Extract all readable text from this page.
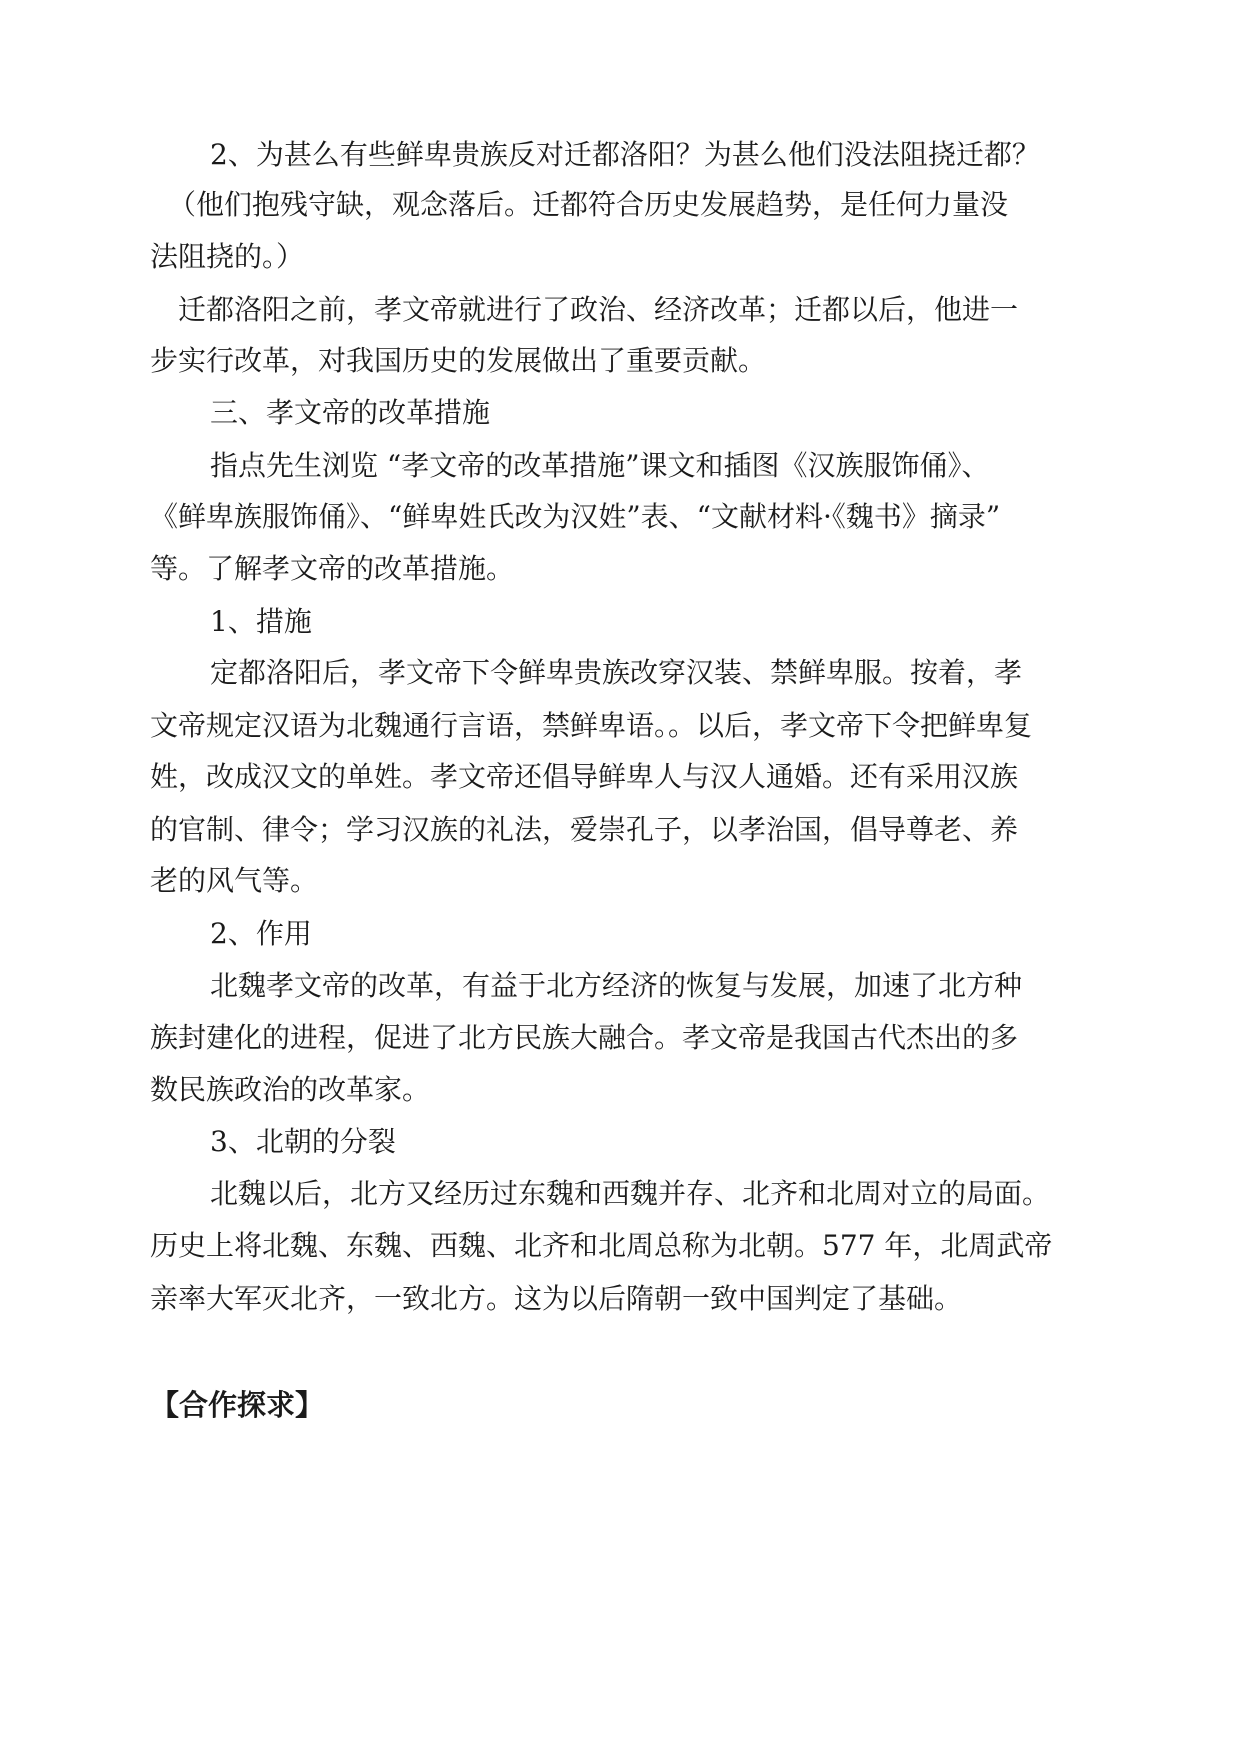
2、为甚么有些鲜卑贵族反对迁都洛阳？为甚么他们没法阻挠迁都？
（他们抱残守缺，观念落后。迁都符合历史发展趋势，是任何力量没
法阻挠的。）
迁都洛阳之前，孝文帝就进行了政治、经济改革；迁都以后，他进一
步实行改革，对我国历史的发展做出了重要贡献。
三、孝文帝的改革措施
指点先生浏览 “孝文帝的改革措施”课文和插图《汉族服饰俑》、
《鲜卑族服饰俑》、“鲜卑姓氏改为汉姓”表、“文献材料·《魏书》摘录”
等。了解孝文帝的改革措施。
1、措施
定都洛阳后，孝文帝下令鲜卑贵族改穿汉装、禁鲜卑服。按着，孝
文帝规定汉语为北魏通行言语，禁鲜卑语。。以后，孝文帝下令把鲜卑复
姓，改成汉文的单姓。孝文帝还倡导鲜卑人与汉人通婚。还有采用汉族
的官制、律令；学习汉族的礼法，爱崇孔子，以孝治国，倡导尊老、养
老的风气等。
2、作用
北魏孝文帝的改革，有益于北方经济的恢复与发展，加速了北方种
族封建化的进程，促进了北方民族大融合。孝文帝是我国古代杰出的多
数民族政治的改革家。
3、北朝的分裂
北魏以后，北方又经历过东魏和西魏并存、北齐和北周对立的局面。
历史上将北魏、东魏、西魏、北齐和北周总称为北朝。577 年，北周武帝
亲率大军灭北齐，一致北方。这为以后隋朝一致中国判定了基础。
【合作探求】
